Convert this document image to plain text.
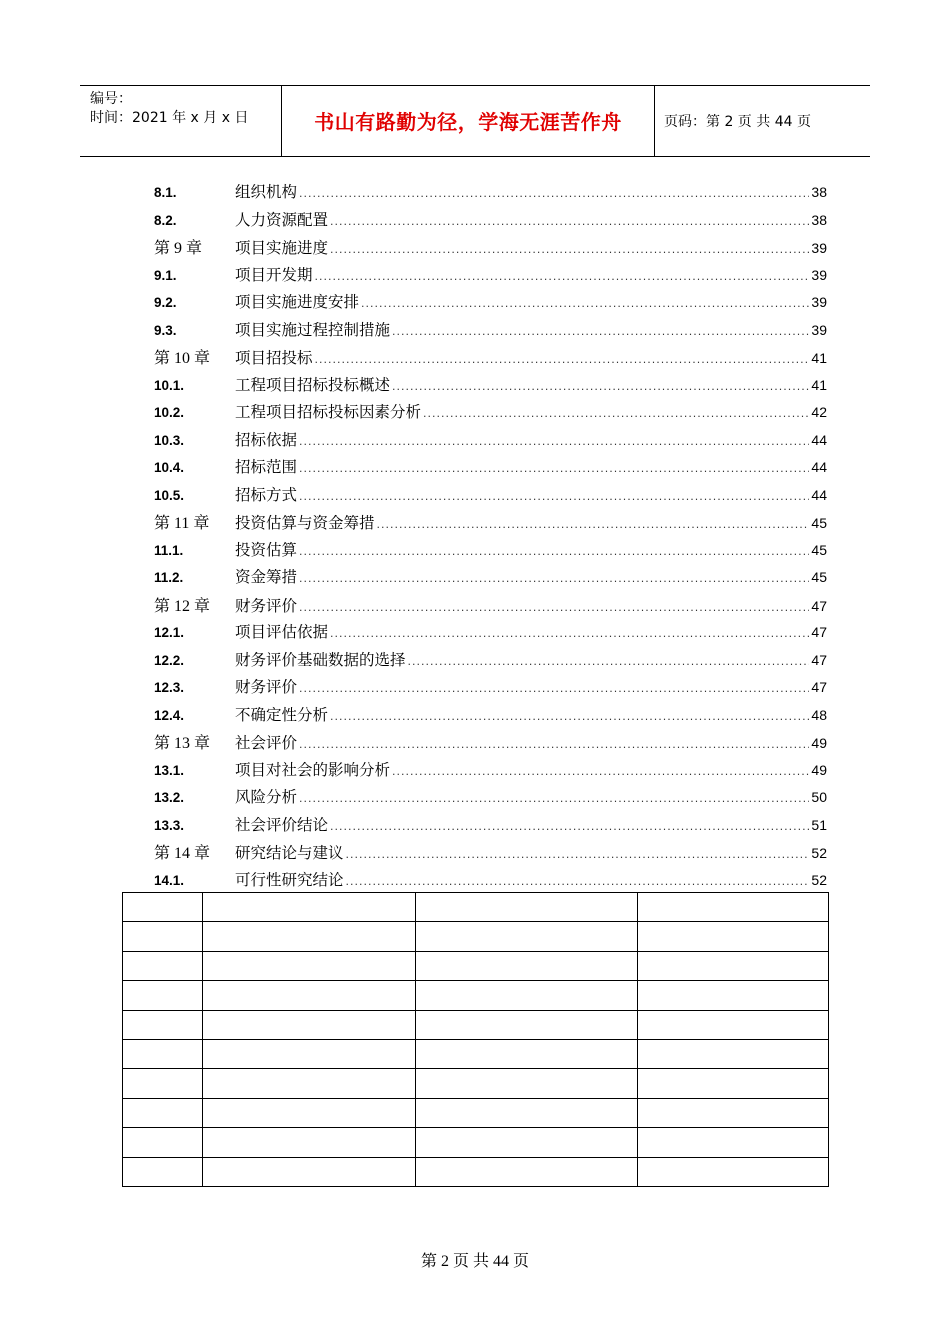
编号：
时间：2021 年 x 月 x 日	书山有路勤为径，学海无涯苦作舟	页码：第 2 页 共 44 页
8.1.	组织机构 .....	38
8.2.	人力资源配置 .....	38
第 9 章	项目实施进度 .....	39
9.1.	项目开发期 .....	39
9.2.	项目实施进度安排 .....	39
9.3.	项目实施过程控制措施 .....	39
第 10 章	项目招投标 .....	41
10.1.	工程项目招标投标概述 .....	41
10.2.	工程项目招标投标因素分析 .....	42
10.3.	招标依据 .....	44
10.4.	招标范围 .....	44
10.5.	招标方式 .....	44
第 11 章	投资估算与资金筹措 .....	45
11.1.	投资估算 .....	45
11.2.	资金筹措 .....	45
第 12 章	财务评价 .....	47
12.1.	项目评估依据 .....	47
12.2.	财务评价基础数据的选择 .....	47
12.3.	财务评价 .....	47
12.4.	不确定性分析 .....	48
第 13 章	社会评价 .....	49
13.1.	项目对社会的影响分析 .....	49
13.2.	风险分析 .....	50
13.3.	社会评价结论 .....	51
第 14 章	研究结论与建议 .....	52
14.1.	可行性研究结论 .....	52

第 2 页 共 44 页
